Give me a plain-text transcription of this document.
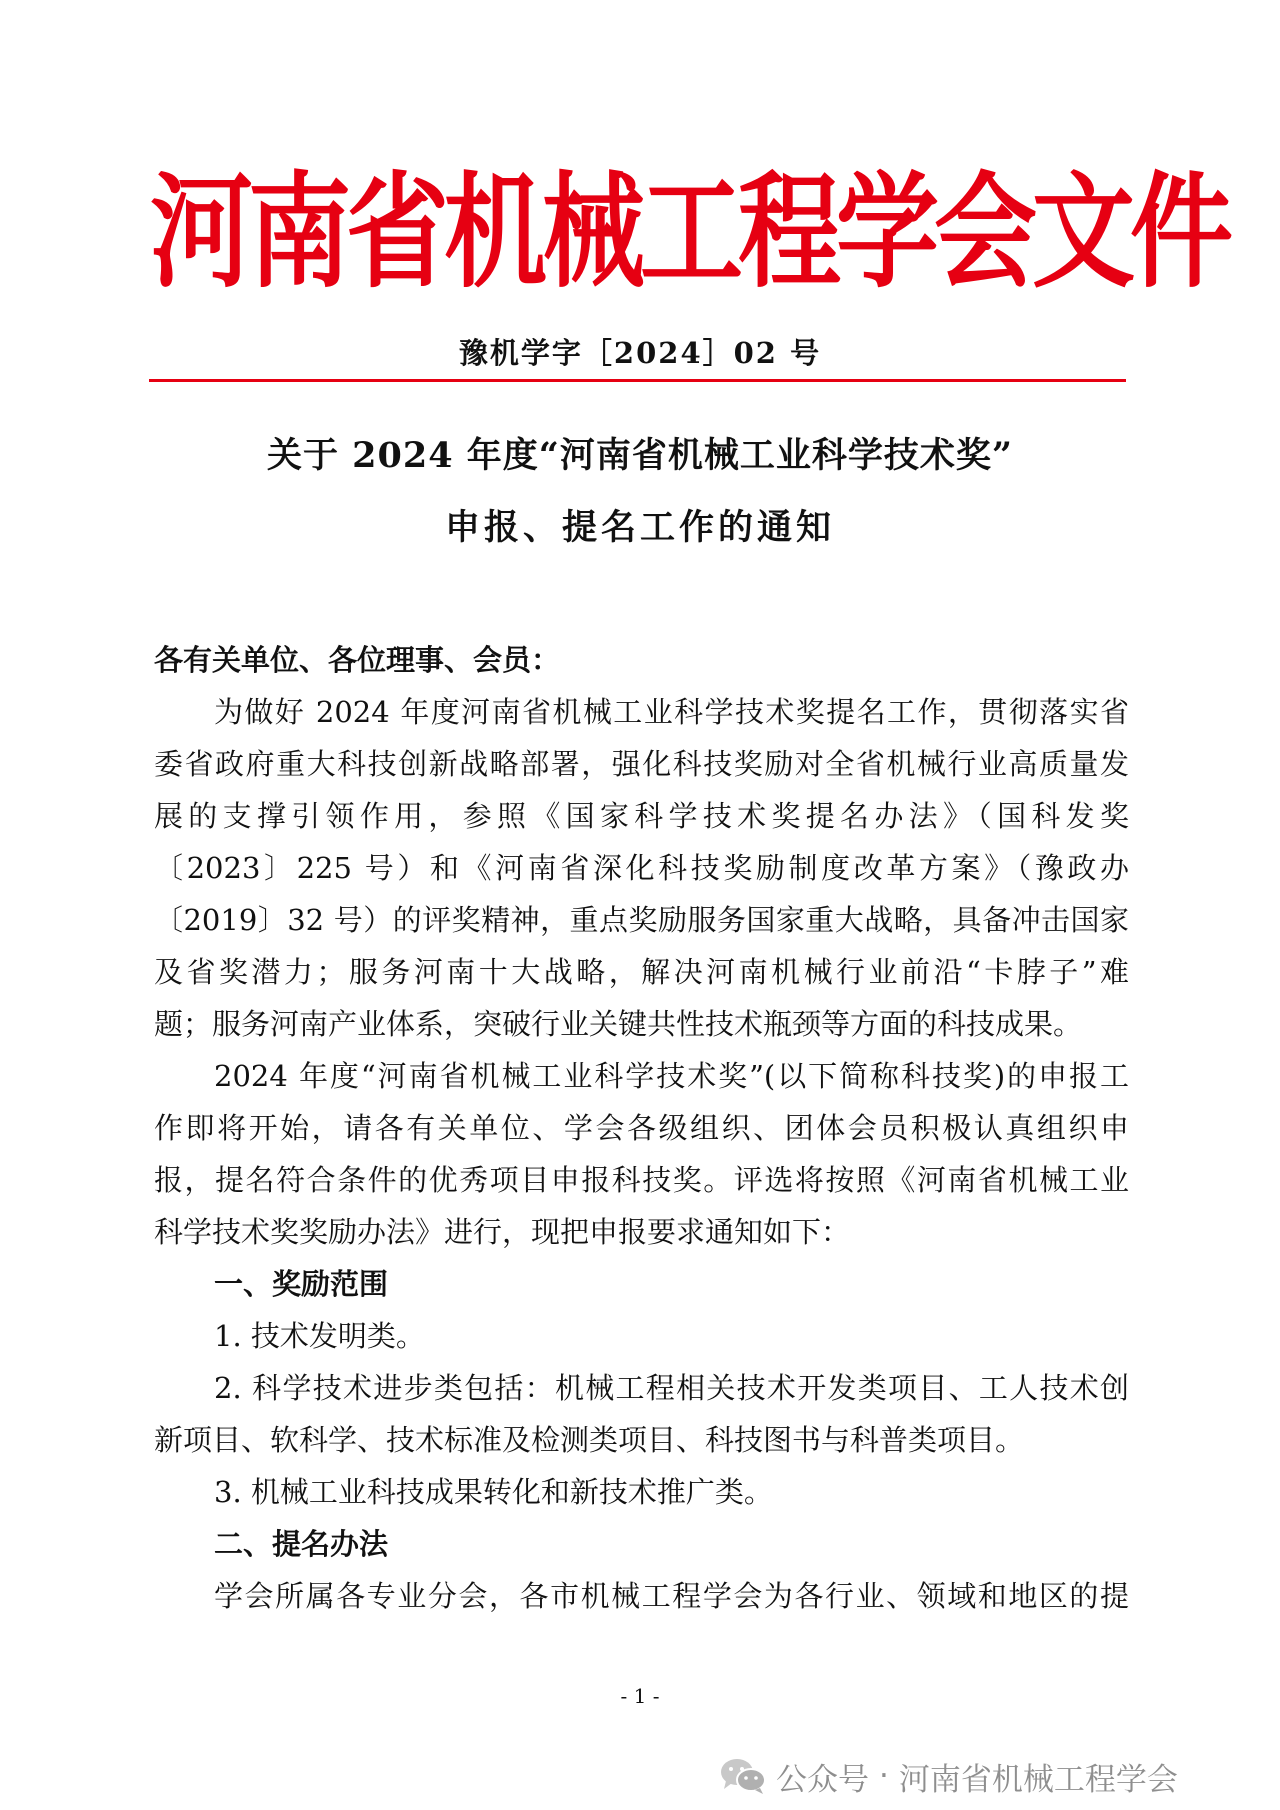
河南省机械工程学会文件
豫机学字［2024］02 号
关于 2024 年度“河南省机械工业科学技术奖”
申报、提名工作的通知

各有关单位、各位理事、会员：

为做好 2024 年度河南省机械工业科学技术奖提名工作，贯彻落实省

委省政府重大科技创新战略部署，强化科技奖励对全省机械行业高质量发

展的支撑引领作用，参照《国家科学技术奖提名办法》（国科发奖

〔2023〕225 号）和《河南省深化科技奖励制度改革方案》（豫政办

〔2019〕32 号）的评奖精神，重点奖励服务国家重大战略，具备冲击国家

及省奖潜力；服务河南十大战略，解决河南机械行业前沿“卡脖子”难

题；服务河南产业体系，突破行业关键共性技术瓶颈等方面的科技成果。

2024 年度“河南省机械工业科学技术奖”(以下简称科技奖)的申报工

作即将开始，请各有关单位、学会各级组织、团体会员积极认真组织申

报，提名符合条件的优秀项目申报科技奖。评选将按照《河南省机械工业

科学技术奖奖励办法》进行，现把申报要求通知如下：

一、奖励范围

1. 技术发明类。

2. 科学技术进步类包括：机械工程相关技术开发类项目、工人技术创

新项目、软科学、技术标准及检测类项目、科技图书与科普类项目。

3. 机械工业科技成果转化和新技术推广类。

二、提名办法

学会所属各专业分会，各市机械工程学会为各行业、领域和地区的提

- 1 -
公众号 · 河南省机械工程学会
